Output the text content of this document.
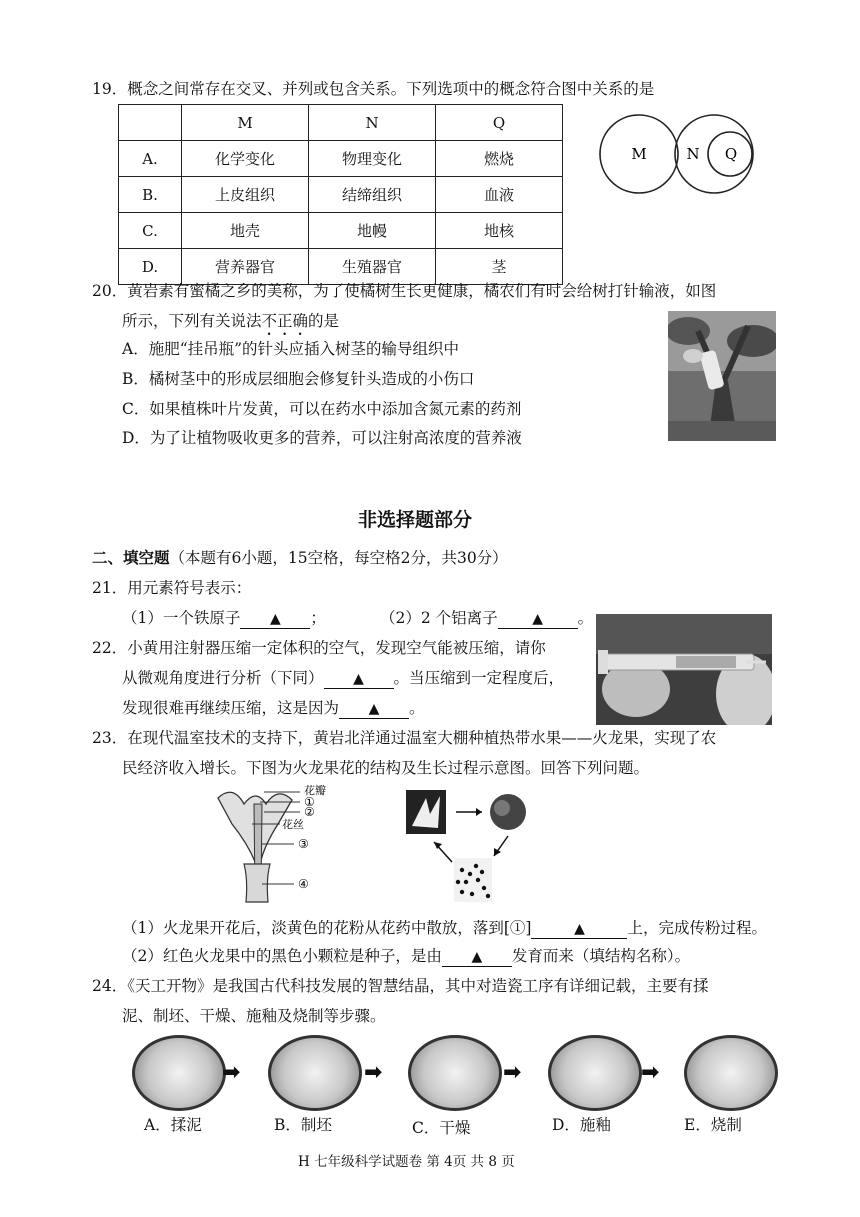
19．概念之间常存在交叉、并列或包含关系。下列选项中的概念符合图中关系的是
	M	N	Q
A.	化学变化	物理变化	燃烧
B.	上皮组织	结缔组织	血液
C.	地壳	地幔	地核
D.	营养器官	生殖器官	茎
M	N Q
20．黄岩素有蜜橘之乡的美称，为了使橘树生长更健康，橘农们有时会给树打针输液，如图
所示，下列有关说法不正确的是
A．施肥“挂吊瓶”的针头应插入树茎的输导组织中
B．橘树茎中的形成层细胞会修复针头造成的小伤口
C．如果植株叶片发黄，可以在药水中添加含氮元素的药剂
D．为了让植物吸收更多的营养，可以注射高浓度的营养液
非选择题部分
二、填空题（本题有6小题，15空格，每空格2分，共30分）
21．用元素符号表示：
（1）一个铁原子 ▲ ；	（2）2 个铝离子 ▲ 。
22．小黄用注射器压缩一定体积的空气，发现空气能被压缩，请你
从微观角度进行分析（下同） ▲ 。当压缩到一定程度后，
发现很难再继续压缩，这是因为 ▲ 。
23．在现代温室技术的支持下，黄岩北洋通过温室大棚种植热带水果——火龙果，实现了农
民经济收入增长。下图为火龙果花的结构及生长过程示意图。回答下列问题。
花瓣
①
②
花丝
③
④
（1）火龙果开花后，淡黄色的花粉从花药中散放，落到[①]	▲	上，完成传粉过程。
（2）红色火龙果中的黑色小颗粒是种子，是由 ▲ 发育而来（填结构名称）。
24．《天工开物》是我国古代科技发展的智慧结晶，其中对造瓷工序有详细记载，主要有揉
泥、制坯、干燥、施釉及烧制等步骤。
➡	➡	➡	➡
A．揉泥	B．制坯	C．干燥	D．施釉	E．烧制
H 七年级科学试题卷 第 4页 共 8 页
